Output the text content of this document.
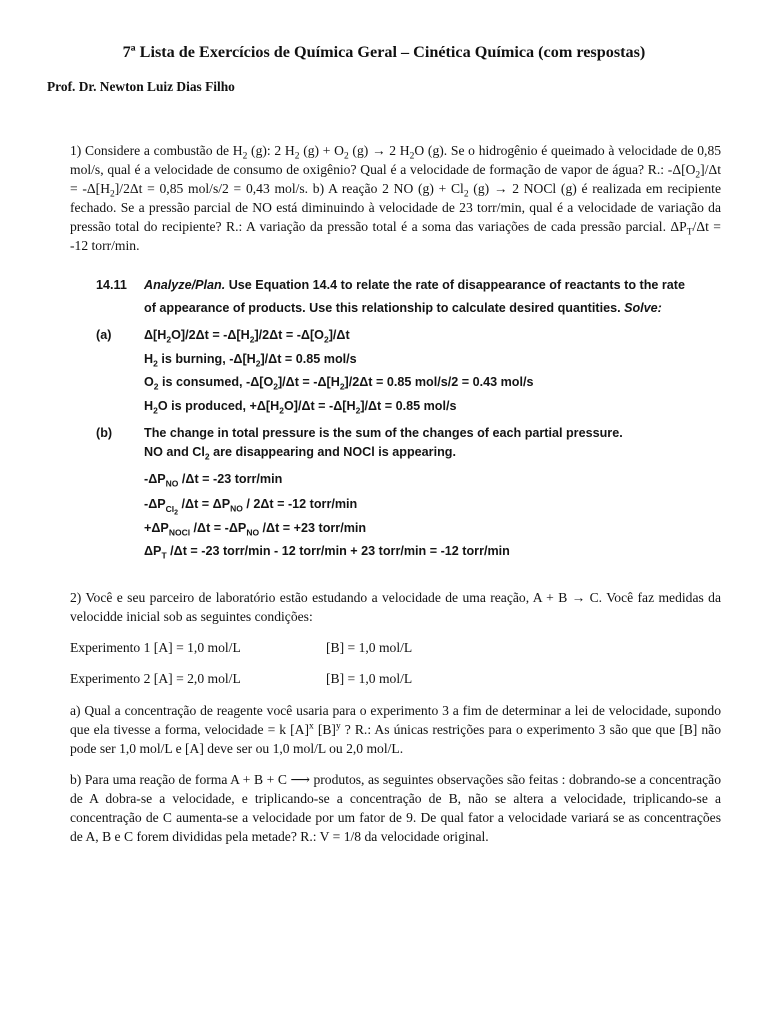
7ª Lista de Exercícios de Química Geral – Cinética Química (com respostas)

Prof. Dr. Newton Luiz Dias Filho

1) Considere a combustão de $H_2$ (g): 2 $H_2$ $(g) + O_2$ (g) → 2 $H_2O$ (g). Se o hidrogênio é queimado à velocidade de 0,85 mol/s, qual é a velocidade de consumo de oxigênio? Qual é a velocidade de formação de vapor de água? R.: $-\Delta[O_2]/\Delta t = -\Delta[H_2]/2\Delta t = 0,85$ mol/s/2 = 0,43 mol/s. b) A reação 2 NO $(g) + Cl_2$ (g) → 2 NOCl (g) é realizada em recipiente fechado. Se a pressão parcial de NO está diminuindo à velocidade de 23 torr/min, qual é a velocidade de variação da pressão total do recipiente? R.: A variação da pressão total é a soma das variações de cada pressão parcial. $\Delta P_T/\Delta t = -12$ torr/min.

14.11 Analyze/Plan. Use Equation 14.4 to relate the rate of disappearance of reactants to the rate

of appearance of products. Use this relationship to calculate desired quantities. Solve:

(a)	$\Delta[H_2O]/2\Delta t = -\Delta[H_2]/2\Delta t = -\Delta[O_2]/\Delta t$

$H_2$ is burning, $-\Delta[H_2]/\Delta t = 0.85$ mol/s

$O_2$ is consumed, $-\Delta[O_2]/\Delta t = -\Delta[H_2]/2\Delta t = 0.85$ mol/s/2 = 0.43 mol/s

$H_2O$ is produced, $+\Delta[H_2O]/\Delta t = -\Delta[H_2]/\Delta t = 0.85$ mol/s

(b)	The change in total pressure is the sum of the changes of each partial pressure.

NO and $Cl_2$ are disappearing and NOCl is appearing.

$-\Delta P_{NO}$ /Δt = -23 torr/min

$-\Delta P_{Cl_2}$ $/\Delta t = \Delta P_{NO} / 2\Delta t = -12$ torr/min

$+\Delta P_{NOCl}$ $/\Delta t = -\Delta P_{NO}$ /Δt = +23 torr/min

$\Delta P_T$ /Δt = -23 torr/min - 12 torr/min + 23 torr/min = -12 torr/min

2) Você e seu parceiro de laboratório estão estudando a velocidade de uma reação, A + B → C. Você faz medidas da velocidde inicial sob as seguintes condições:

Experimento 1 [A] = 1,0 mol/L	[B] = 1,0 mol/L

Experimento 2 [A] = 2,0 mol/L	[B] = 1,0 mol/L

a) Qual a concentração de reagente você usaria para o experimento 3 a fim de determinar a lei de velocidade, supondo que ela tivesse a forma, velocidade = k $[A]^x$ $[B]^y$ ? R.: As únicas restrições para o experimento 3 são que que [B] não pode ser 1,0 mol/L e [A] deve ser ou 1,0 mol/L ou 2,0 mol/L.

b) Para uma reação de forma A + B + C ⟶ produtos, as seguintes observações são feitas : dobrando-se a concentração de A dobra-se a velocidade, e triplicando-se a concentração de B, não se altera a velocidade, triplicando-se a concentração de C aumenta-se a velocidade por um fator de 9. De qual fator a velocidade variará se as concentrações de A, B e C forem divididas pela metade? R.: V = 1/8 da velocidade original.
